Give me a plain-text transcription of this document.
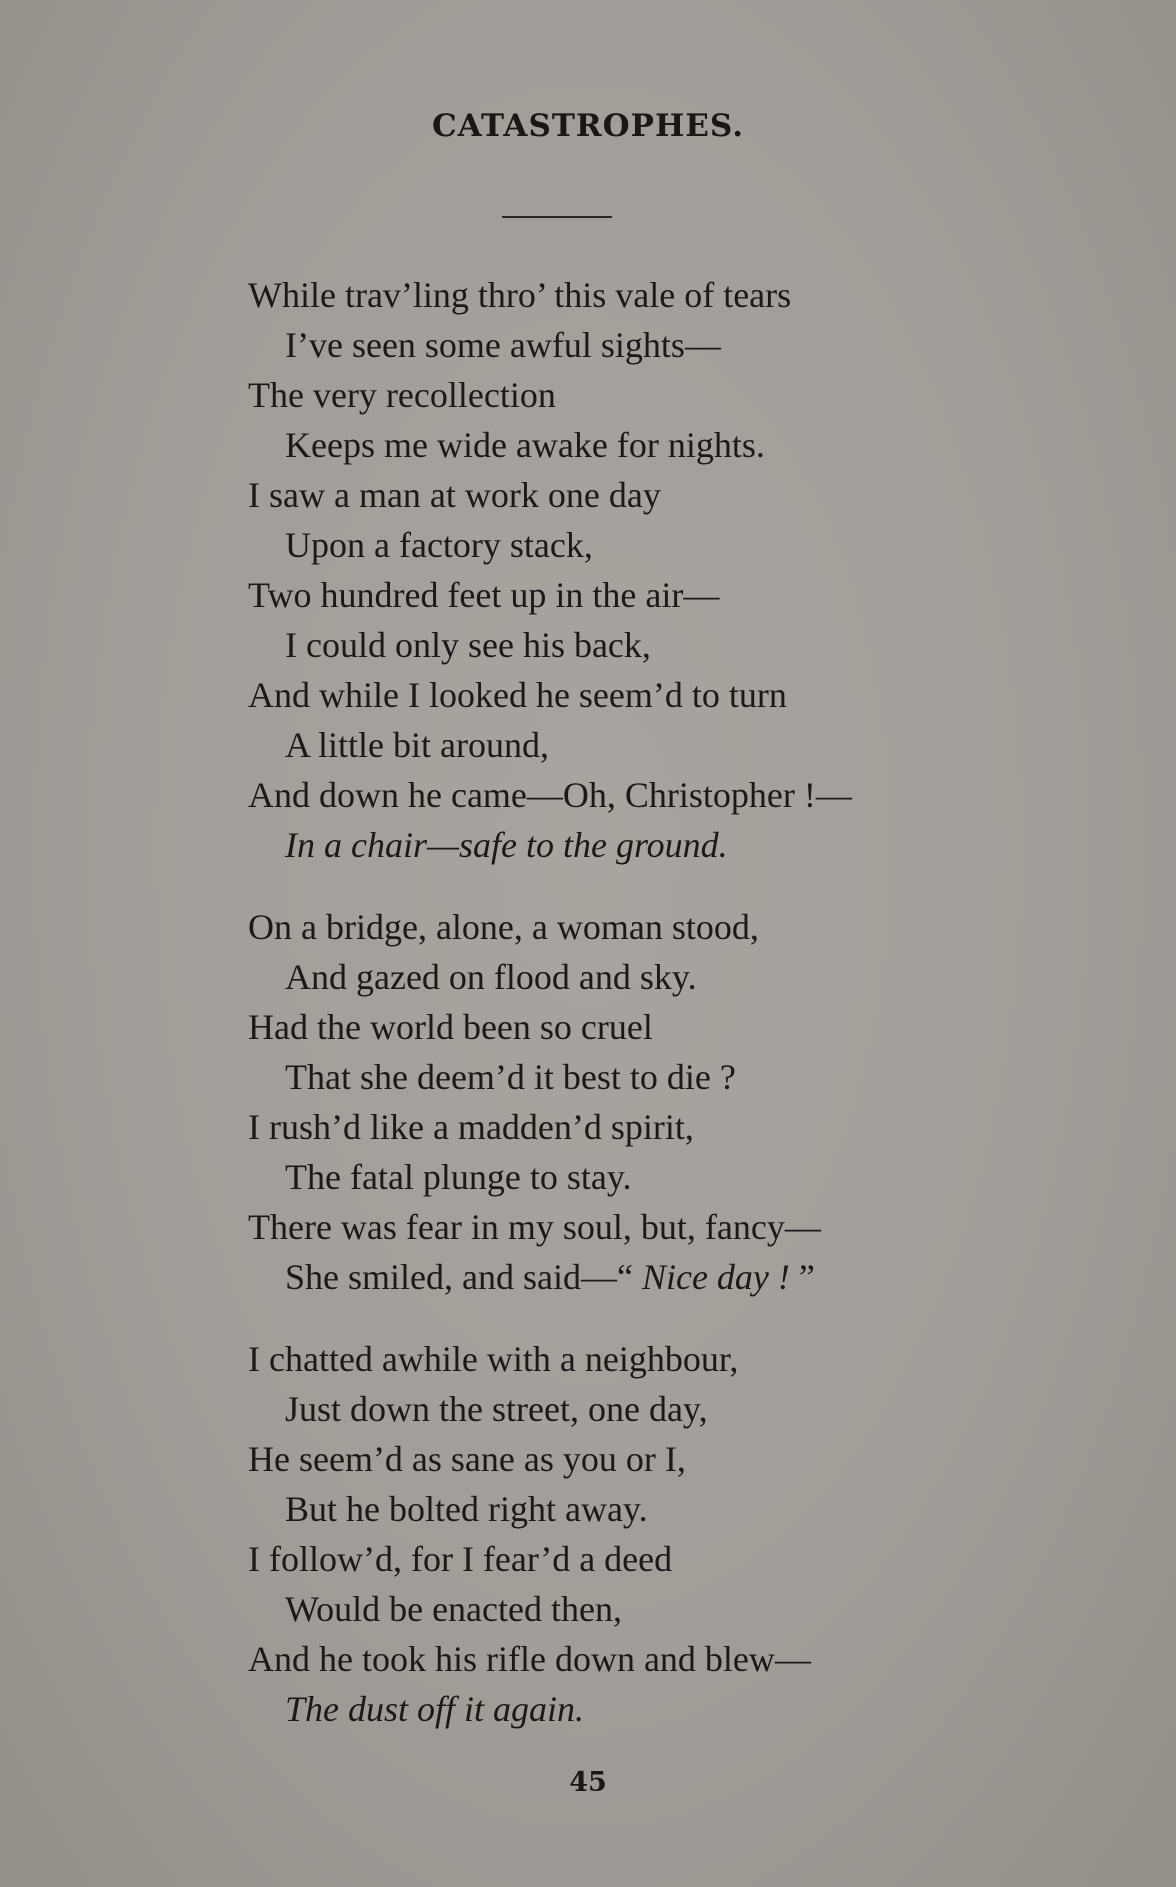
CATASTROPHES.
While trav’ling thro’ this vale of tears
I’ve seen some awful sights—
The very recollection
Keeps me wide awake for nights.
I saw a man at work one day
Upon a factory stack,
Two hundred feet up in the air—
I could only see his back,
And while I looked he seem’d to turn
A little bit around,
And down he came—Oh, Christopher !—
In a chair—safe to the ground.
On a bridge, alone, a woman stood,
And gazed on flood and sky.
Had the world been so cruel
That she deem’d it best to die ?
I rush’d like a madden’d spirit,
The fatal plunge to stay.
There was fear in my soul, but, fancy—
She smiled, and said—“ Nice day ! ”
I chatted awhile with a neighbour,
Just down the street, one day,
He seem’d as sane as you or I,
But he bolted right away.
I follow’d, for I fear’d a deed
Would be enacted then,
And he took his rifle down and blew—
The dust off it again.
45
